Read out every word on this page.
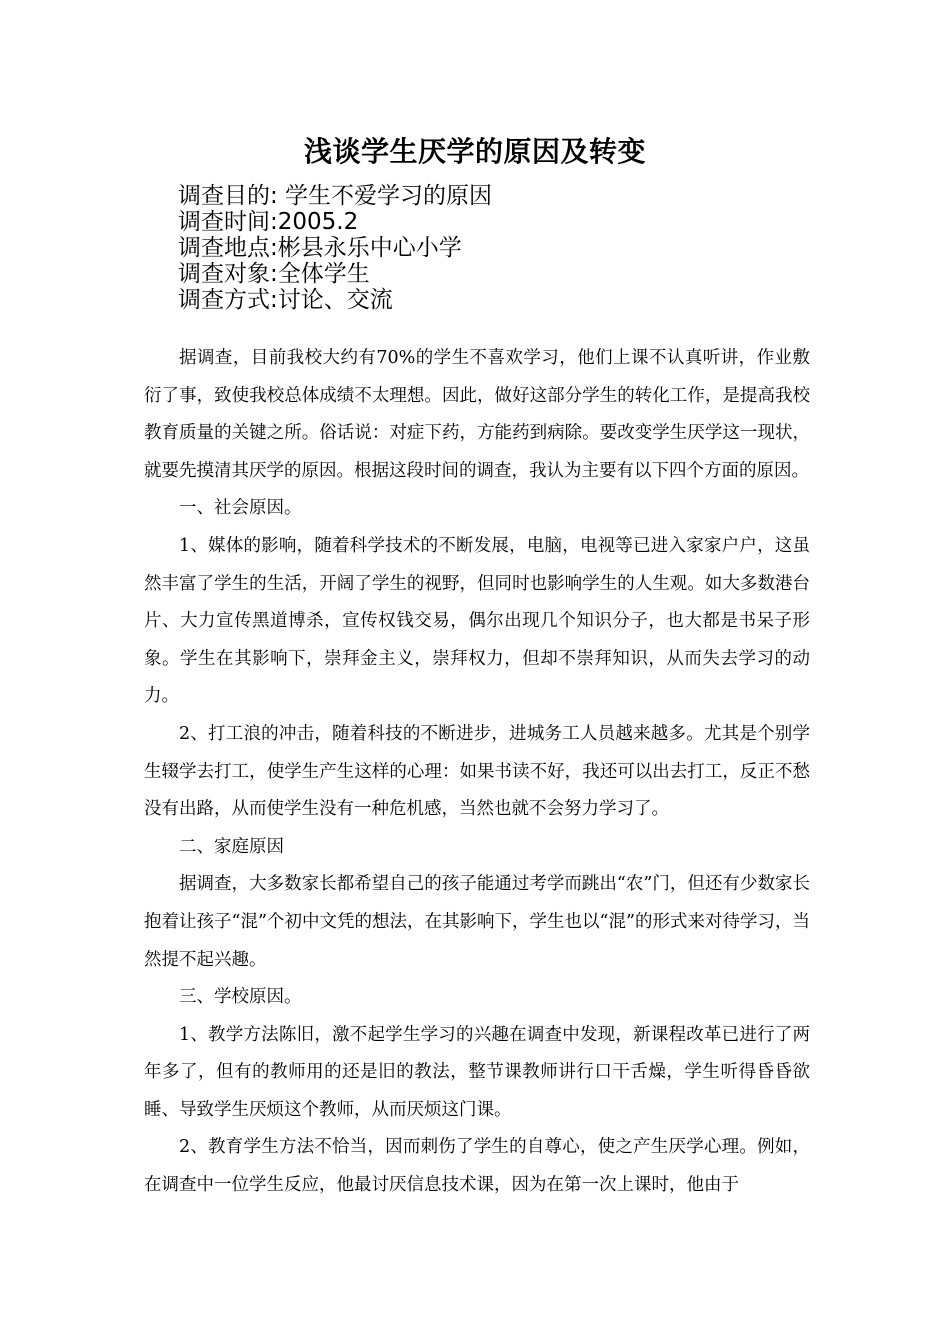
浅谈学生厌学的原因及转变
调查目的: 学生不爱学习的原因
调查时间:2005.2
调查地点:彬县永乐中心小学
调查对象:全体学生
调查方式:讨论、交流

据调查，目前我校大约有70%的学生不喜欢学习，他们上课不认真听讲，作业敷衍了事，致使我校总体成绩不太理想。因此，做好这部分学生的转化工作，是提高我校教育质量的关键之所。俗话说：对症下药，方能药到病除。要改变学生厌学这一现状，就要先摸清其厌学的原因。根据这段时间的调查，我认为主要有以下四个方面的原因。

一、社会原因。

1、媒体的影响，随着科学技术的不断发展，电脑，电视等已进入家家户户，这虽然丰富了学生的生活，开阔了学生的视野，但同时也影响学生的人生观。如大多数港台片、大力宣传黑道博杀，宣传权钱交易，偶尔出现几个知识分子，也大都是书呆子形象。学生在其影响下，崇拜金主义，崇拜权力，但却不崇拜知识，从而失去学习的动力。

2、打工浪的冲击，随着科技的不断进步，进城务工人员越来越多。尤其是个别学生辍学去打工，使学生产生这样的心理：如果书读不好，我还可以出去打工，反正不愁没有出路，从而使学生没有一种危机感，当然也就不会努力学习了。

二、家庭原因

据调查，大多数家长都希望自己的孩子能通过考学而跳出“农”门，但还有少数家长抱着让孩子“混”个初中文凭的想法，在其影响下，学生也以“混”的形式来对待学习，当然提不起兴趣。

三、学校原因。

1、教学方法陈旧，激不起学生学习的兴趣在调查中发现，新课程改革已进行了两年多了，但有的教师用的还是旧的教法，整节课教师讲行口干舌燥，学生听得昏昏欲睡、导致学生厌烦这个教师，从而厌烦这门课。

2、教育学生方法不恰当，因而刺伤了学生的自尊心，使之产生厌学心理。例如，在调查中一位学生反应，他最讨厌信息技术课，因为在第一次上课时，他由于
